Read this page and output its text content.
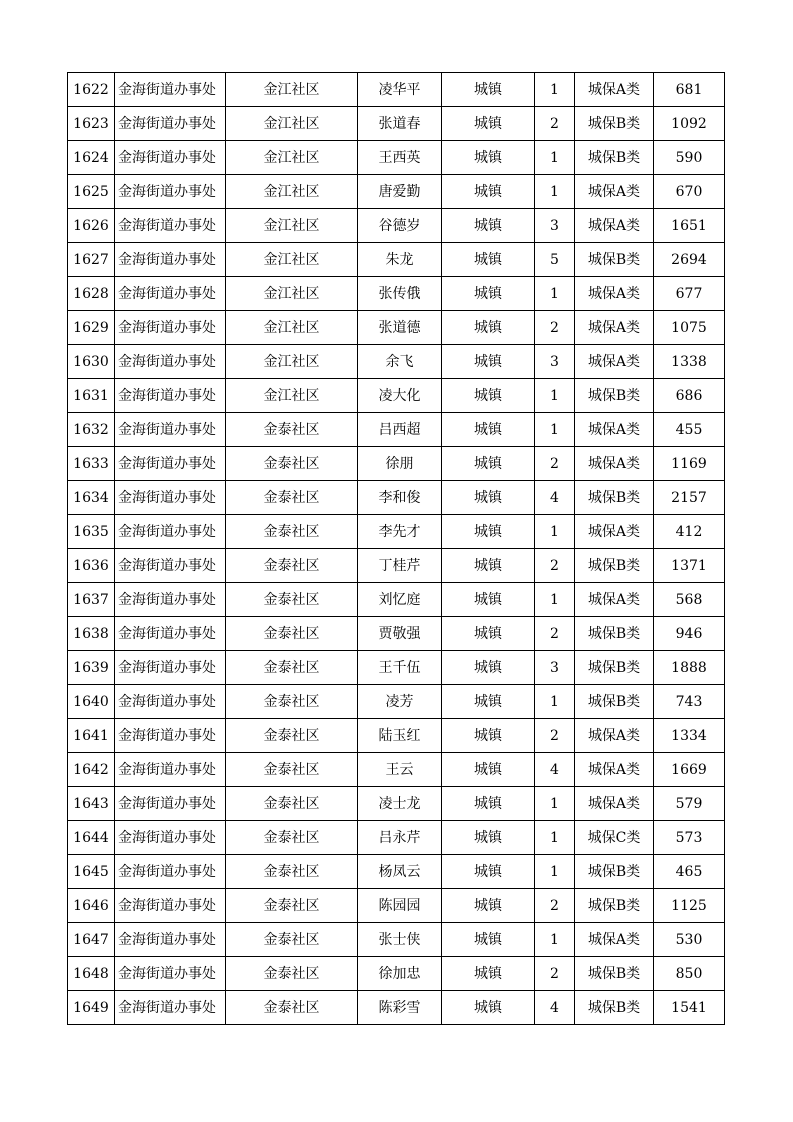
1622	金海街道办事处	金江社区	凌华平	城镇	1	城保A类	681
1623	金海街道办事处	金江社区	张道春	城镇	2	城保B类	1092
1624	金海街道办事处	金江社区	王西英	城镇	1	城保B类	590
1625	金海街道办事处	金江社区	唐爱勤	城镇	1	城保A类	670
1626	金海街道办事处	金江社区	谷德岁	城镇	3	城保A类	1651
1627	金海街道办事处	金江社区	朱龙	城镇	5	城保B类	2694
1628	金海街道办事处	金江社区	张传俄	城镇	1	城保A类	677
1629	金海街道办事处	金江社区	张道德	城镇	2	城保A类	1075
1630	金海街道办事处	金江社区	余飞	城镇	3	城保A类	1338
1631	金海街道办事处	金江社区	凌大化	城镇	1	城保B类	686
1632	金海街道办事处	金泰社区	吕西超	城镇	1	城保A类	455
1633	金海街道办事处	金泰社区	徐朋	城镇	2	城保A类	1169
1634	金海街道办事处	金泰社区	李和俊	城镇	4	城保B类	2157
1635	金海街道办事处	金泰社区	李先才	城镇	1	城保A类	412
1636	金海街道办事处	金泰社区	丁桂芹	城镇	2	城保B类	1371
1637	金海街道办事处	金泰社区	刘忆庭	城镇	1	城保A类	568
1638	金海街道办事处	金泰社区	贾敬强	城镇	2	城保B类	946
1639	金海街道办事处	金泰社区	王千伍	城镇	3	城保B类	1888
1640	金海街道办事处	金泰社区	凌芳	城镇	1	城保B类	743
1641	金海街道办事处	金泰社区	陆玉红	城镇	2	城保A类	1334
1642	金海街道办事处	金泰社区	王云	城镇	4	城保A类	1669
1643	金海街道办事处	金泰社区	凌士龙	城镇	1	城保A类	579
1644	金海街道办事处	金泰社区	吕永芹	城镇	1	城保C类	573
1645	金海街道办事处	金泰社区	杨凤云	城镇	1	城保B类	465
1646	金海街道办事处	金泰社区	陈园园	城镇	2	城保B类	1125
1647	金海街道办事处	金泰社区	张士侠	城镇	1	城保A类	530
1648	金海街道办事处	金泰社区	徐加忠	城镇	2	城保B类	850
1649	金海街道办事处	金泰社区	陈彩雪	城镇	4	城保B类	1541
